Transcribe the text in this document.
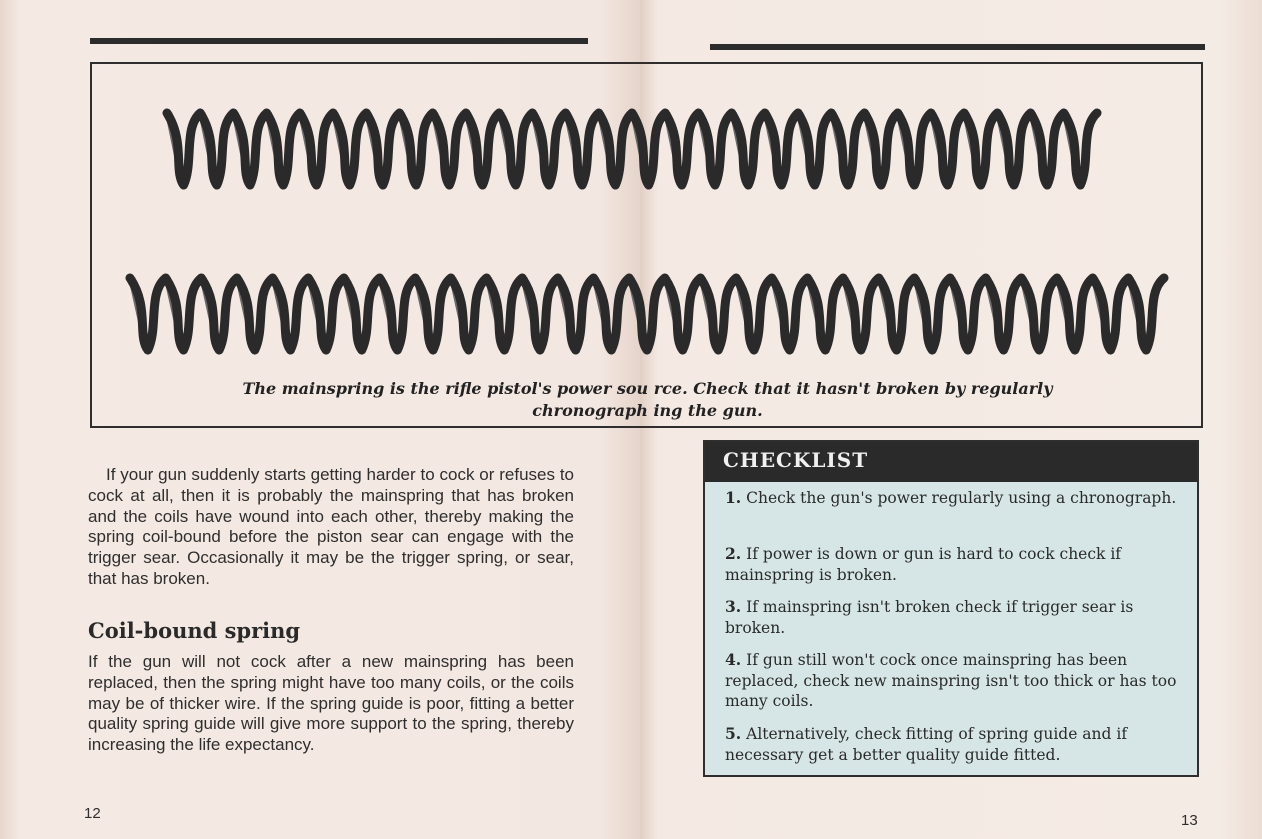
The mainspring is the rifle pistol's power sou rce. Check that it hasn't broken by regularly
chronograph ing the gun.
If your gun suddenly starts getting harder to cock or refuses to cock at all, then it is probably the mainspring that has broken and the coils have wound into each other, thereby making the spring coil-bound before the piston sear can engage with the trigger sear. Occasionally it may be the trigger spring, or sear, that has broken.
Coil-bound spring
If the gun will not cock after a new mainspring has been replaced, then the spring might have too many coils, or the coils may be of thicker wire. If the spring guide is poor, fitting a better quality spring guide will give more support to the spring, thereby increasing the life expectancy.
12	13
CHECKLIST
1. Check the gun's power regularly using a chronograph.
2. If power is down or gun is hard to cock check if mainspring is broken.
3. If mainspring isn't broken check if trigger sear is broken.
4. If gun still won't cock once mainspring has been replaced, check new mainspring isn't too thick or has too many coils.
5. Alternatively, check fitting of spring guide and if necessary get a better quality guide fitted.
